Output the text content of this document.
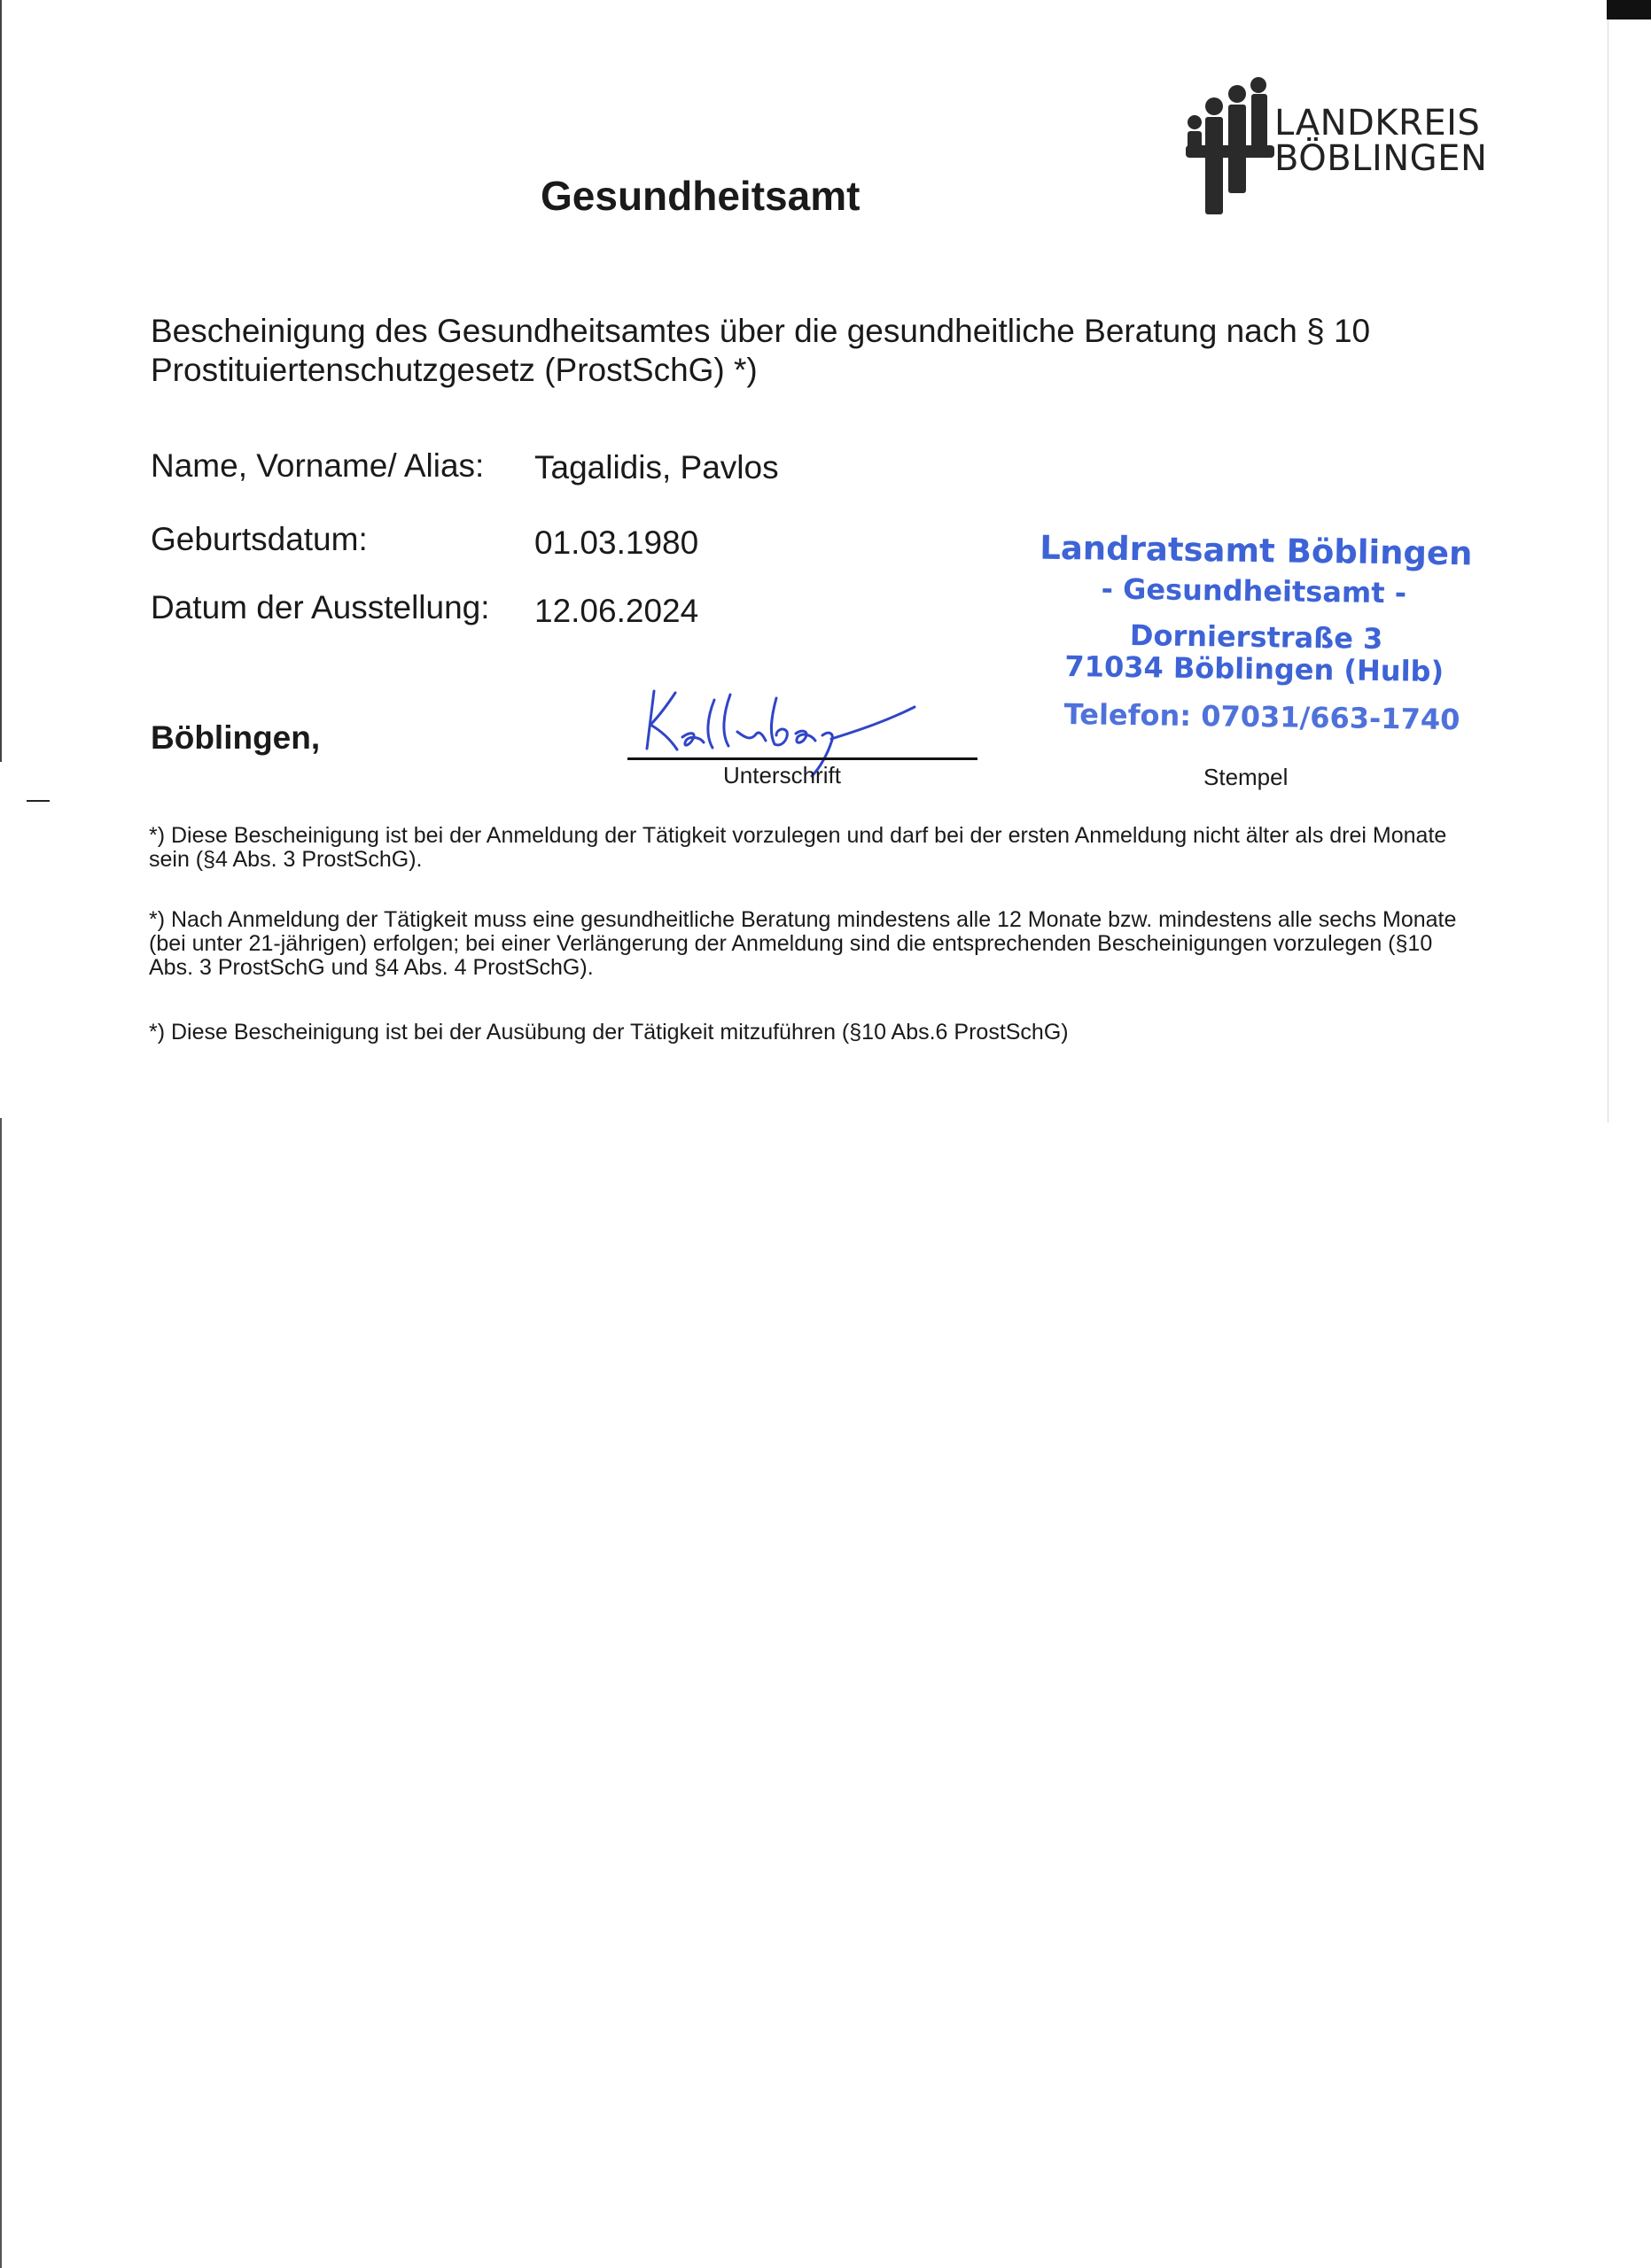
LANDKREIS
BÖBLINGEN
Gesundheitsamt
Bescheinigung des Gesundheitsamtes über die gesundheitliche Beratung nach § 10 Prostituiertenschutzgesetz (ProstSchG) *)
Name, Vorname/ Alias: Tagalidis, Pavlos
Geburtsdatum:	01.03.1980
Datum der Ausstellung: 12.06.2024
Böblingen,
Unterschrift
Landratsamt Böblingen
- Gesundheitsamt -
Dornierstraße 3
71034 Böblingen (Hulb)
Telefon: 07031/663-1740
Stempel
*) Diese Bescheinigung ist bei der Anmeldung der Tätigkeit vorzulegen und darf bei der ersten Anmeldung nicht älter als drei Monate sein (§4 Abs. 3 ProstSchG).
*) Nach Anmeldung der Tätigkeit muss eine gesundheitliche Beratung mindestens alle 12 Monate bzw. mindestens alle sechs Monate (bei unter 21-jährigen) erfolgen; bei einer Verlängerung der Anmeldung sind die entsprechenden Bescheinigungen vorzulegen (§10 Abs. 3 ProstSchG und §4 Abs. 4 ProstSchG).
*) Diese Bescheinigung ist bei der Ausübung der Tätigkeit mitzuführen (§10 Abs.6 ProstSchG)
